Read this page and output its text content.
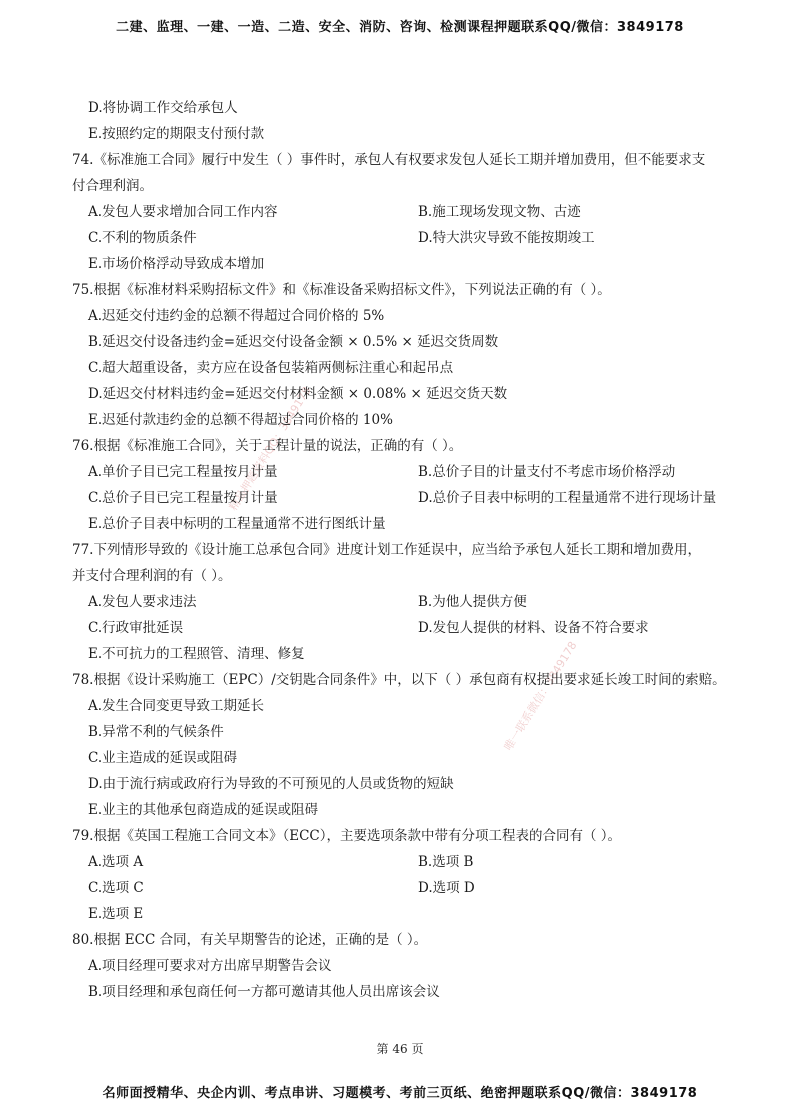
二建、监理、一建、一造、二造、安全、消防、咨询、检测课程押题联系QQ/微信：3849178
精品押题资料QQ：3849178
唯一联系微信：3849178
D.将协调工作交给承包人
E.按照约定的期限支付预付款
74.《标准施工合同》履行中发生（ ）事件时，承包人有权要求发包人延长工期并增加费用，但不能要求支
付合理利润。
A.发包人要求增加合同工作内容	B.施工现场发现文物、古迹
C.不利的物质条件	D.特大洪灾导致不能按期竣工
E.市场价格浮动导致成本增加
75.根据《标准材料采购招标文件》和《标准设备采购招标文件》，下列说法正确的有（ ）。
A.迟延交付违约金的总额不得超过合同价格的 5%
B.延迟交付设备违约金=延迟交付设备金额 × 0.5% × 延迟交货周数
C.超大超重设备，卖方应在设备包装箱两侧标注重心和起吊点
D.延迟交付材料违约金=延迟交付材料金额 × 0.08% × 延迟交货天数
E.迟延付款违约金的总额不得超过合同价格的 10%
76.根据《标准施工合同》，关于工程计量的说法，正确的有（ ）。
A.单价子目已完工程量按月计量	B.总价子目的计量支付不考虑市场价格浮动
C.总价子目已完工程量按月计量	D.总价子目表中标明的工程量通常不进行现场计量
E.总价子目表中标明的工程量通常不进行图纸计量
77.下列情形导致的《设计施工总承包合同》进度计划工作延误中，应当给予承包人延长工期和增加费用，
并支付合理利润的有（ ）。
A.发包人要求违法	B.为他人提供方便
C.行政审批延误	D.发包人提供的材料、设备不符合要求
E.不可抗力的工程照管、清理、修复
78.根据《设计采购施工（EPC）/交钥匙合同条件》中，以下（ ）承包商有权提出要求延长竣工时间的索赔。
A.发生合同变更导致工期延长
B.异常不利的气候条件
C.业主造成的延误或阻碍
D.由于流行病或政府行为导致的不可预见的人员或货物的短缺
E.业主的其他承包商造成的延误或阻碍
79.根据《英国工程施工合同文本》（ECC），主要选项条款中带有分项工程表的合同有（ ）。
A.选项 A	B.选项 B
C.选项 C	D.选项 D
E.选项 E
80.根据 ECC 合同，有关早期警告的论述，正确的是（ ）。
A.项目经理可要求对方出席早期警告会议
B.项目经理和承包商任何一方都可邀请其他人员出席该会议
第 46 页
名师面授精华、央企内训、考点串讲、习题模考、考前三页纸、绝密押题联系QQ/微信：3849178
